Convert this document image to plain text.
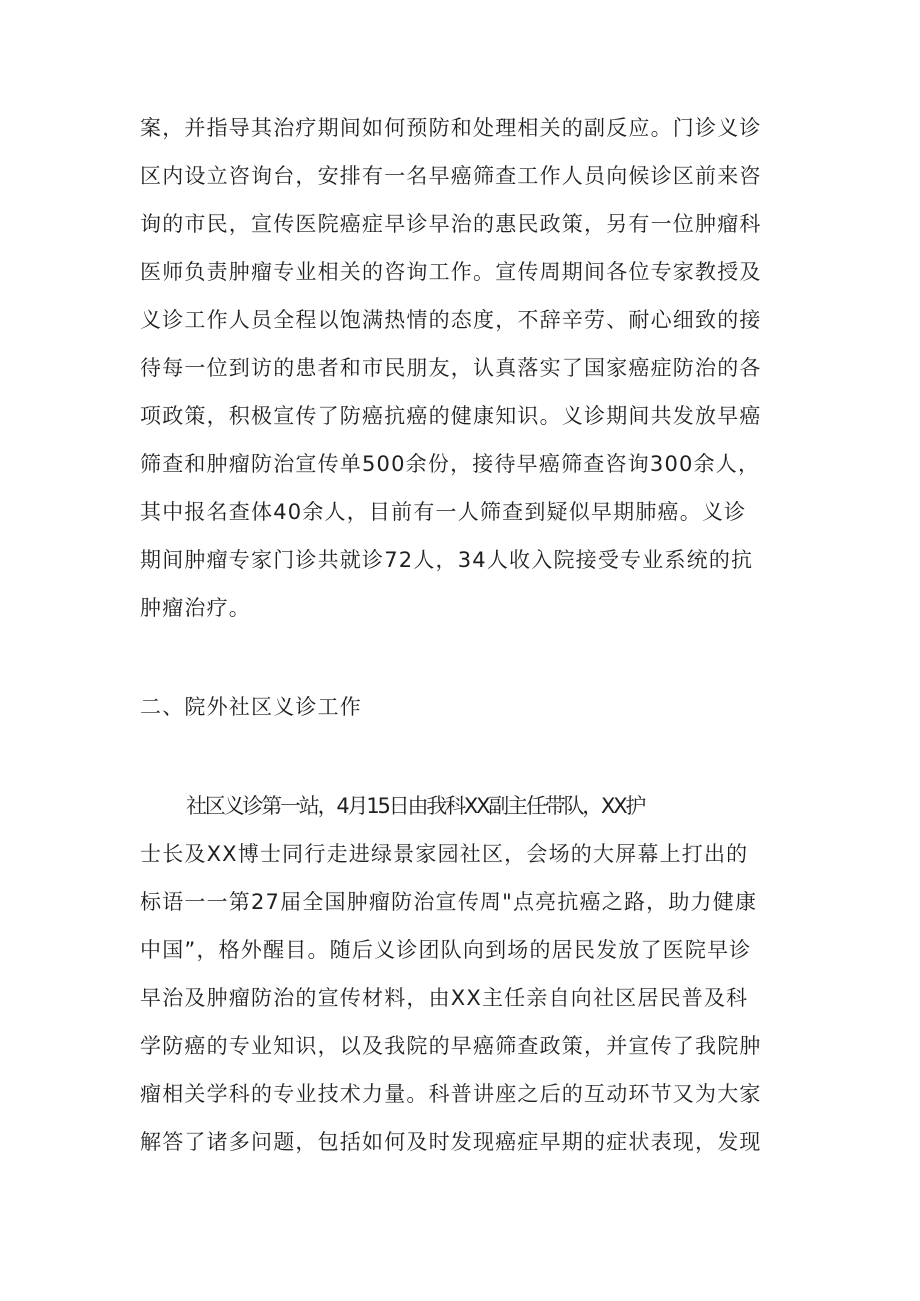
案，并指导其治疗期间如何预防和处理相关的副反应。门诊义诊
区内设立咨询台，安排有一名早癌筛查工作人员向候诊区前来咨
询的市民，宣传医院癌症早诊早治的惠民政策，另有一位肿瘤科
医师负责肿瘤专业相关的咨询工作。宣传周期间各位专家教授及
义诊工作人员全程以饱满热情的态度，不辞辛劳、耐心细致的接
待每一位到访的患者和市民朋友，认真落实了国家癌症防治的各
项政策，积极宣传了防癌抗癌的健康知识。义诊期间共发放早癌
筛查和肿瘤防治宣传单500余份，接待早癌筛查咨询300余人，
其中报名查体40余人，目前有一人筛查到疑似早期肺癌。义诊
期间肿瘤专家门诊共就诊72人，34人收入院接受专业系统的抗
肿瘤治疗。
二、院外社区义诊工作
社区义诊第一站，4月15日由我科XX副主任带队，XX护
士长及XX博士同行走进绿景家园社区，会场的大屏幕上打出的
标语一一第27届全国肿瘤防治宣传周"点亮抗癌之路，助力健康
中国”，格外醒目。随后义诊团队向到场的居民发放了医院早诊
早治及肿瘤防治的宣传材料，由XX主任亲自向社区居民普及科
学防癌的专业知识，以及我院的早癌筛查政策，并宣传了我院肿
瘤相关学科的专业技术力量。科普讲座之后的互动环节又为大家
解答了诸多问题，包括如何及时发现癌症早期的症状表现，发现
